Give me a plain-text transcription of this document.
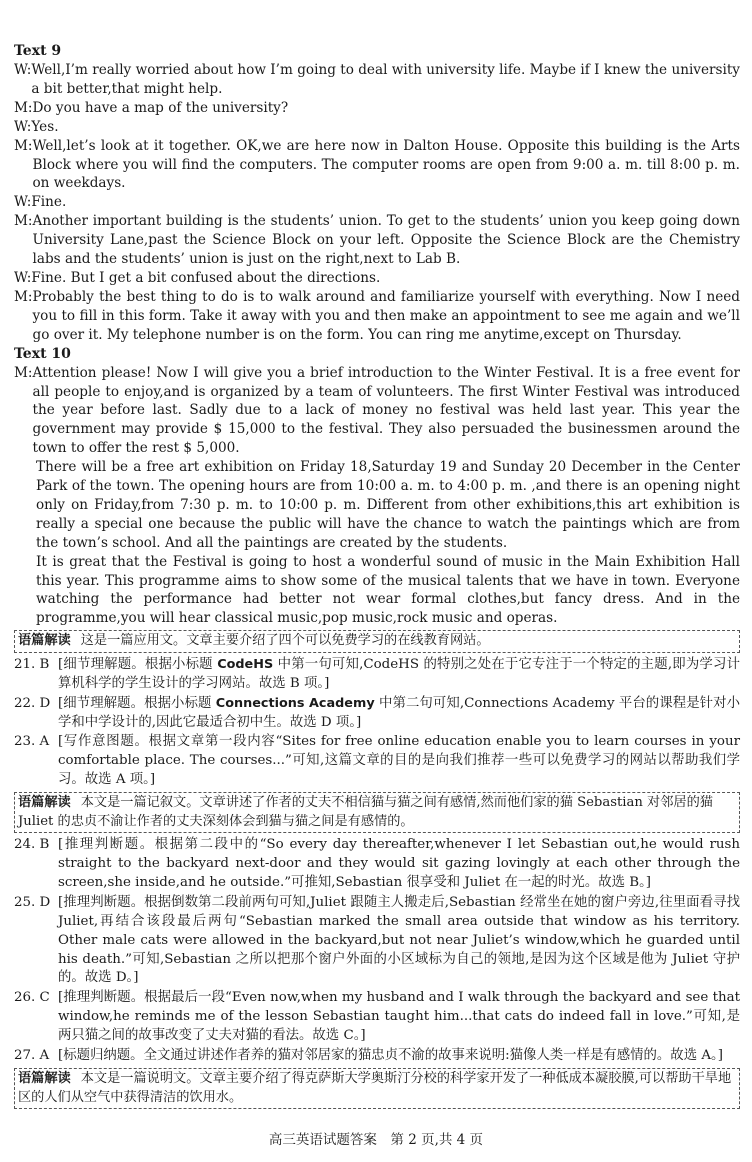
Text 9

W: Well,I’m really worried about how I’m going to deal with university life. Maybe if I knew the university a bit better,that might help.
M: Do you have a map of the university?
W: Yes.
M: Well,let’s look at it together. OK,we are here now in Dalton House. Opposite this building is the Arts Block where you will find the computers. The computer rooms are open from 9:00 a. m. till 8:00 p. m. on weekdays.
W: Fine.
M: Another important building is the students’ union. To get to the students’ union you keep going down University Lane,past the Science Block on your left. Opposite the Science Block are the Chemistry labs and the students’ union is just on the right,next to Lab B.
W: Fine. But I get a bit confused about the directions.
M: Probably the best thing to do is to walk around and familiarize yourself with everything. Now I need you to fill in this form. Take it away with you and then make an appointment to see me again and we’ll go over it. My telephone number is on the form. You can ring me anytime,except on Thursday.

Text 10

M: Attention please! Now I will give you a brief introduction to the Winter Festival. It is a free event for all people to enjoy,and is organized by a team of volunteers. The first Winter Festival was introduced the year before last. Sadly due to a lack of money no festival was held last year. This year the government may provide $ 15,000 to the festival. They also persuaded the businessmen around the town to offer the rest $ 5,000.

There will be a free art exhibition on Friday 18,Saturday 19 and Sunday 20 December in the Center Park of the town. The opening hours are from 10:00 a. m. to 4:00 p. m. ,and there is an opening night only on Friday,from 7:30 p. m. to 10:00 p. m. Different from other exhibitions,this art exhibition is really a special one because the public will have the chance to watch the paintings which are from the town’s school. And all the paintings are created by the students.

It is great that the Festival is going to host a wonderful sound of music in the Main Exhibition Hall this year. This programme aims to show some of the musical talents that we have in town. Everyone watching the performance had better not wear formal clothes,but fancy dress. And in the programme,you will hear classical music,pop music,rock music and operas.

语篇解读 这是一篇应用文。文章主要介绍了四个可以免费学习的在线教育网站。
21. B [细节理解题。根据小标题 CodeHS 中第一句可知,CodeHS 的特别之处在于它专注于一个特定的主题,即为学习计算机科学的学生设计的学习网站。故选 B 项。]
22. D [细节理解题。根据小标题 Connections Academy 中第二句可知,Connections Academy 平台的课程是针对小学和中学设计的,因此它最适合初中生。故选 D 项。]
23. A [写作意图题。根据文章第一段内容“Sites for free online education enable you to learn courses in your comfortable place. The courses...”可知,这篇文章的目的是向我们推荐一些可以免费学习的网站以帮助我们学习。故选 A 项。]
语篇解读 本文是一篇记叙文。文章讲述了作者的丈夫不相信猫与猫之间有感情,然而他们家的猫 Sebastian 对邻居的猫 Juliet 的忠贞不渝让作者的丈夫深刻体会到猫与猫之间是有感情的。
24. B [推理判断题。根据第二段中的“So every day thereafter,whenever I let Sebastian out,he would rush straight to the backyard next-door and they would sit gazing lovingly at each other through the screen,she inside,and he outside.”可推知,Sebastian 很享受和 Juliet 在一起的时光。故选 B。]
25. D [推理判断题。根据倒数第二段前两句可知,Juliet 跟随主人搬走后,Sebastian 经常坐在她的窗户旁边,往里面看寻找 Juliet,再结合该段最后两句“Sebastian marked the small area outside that window as his territory. Other male cats were allowed in the backyard,but not near Juliet’s window,which he guarded until his death.”可知,Sebastian 之所以把那个窗户外面的小区域标为自己的领地,是因为这个区域是他为 Juliet 守护的。故选 D。]
26. C [推理判断题。根据最后一段“Even now,when my husband and I walk through the backyard and see that window,he reminds me of the lesson Sebastian taught him...that cats do indeed fall in love.”可知,是两只猫之间的故事改变了丈夫对猫的看法。故选 C。]
27. A [标题归纳题。全文通过讲述作者养的猫对邻居家的猫忠贞不渝的故事来说明:猫像人类一样是有感情的。故选 A。]
语篇解读 本文是一篇说明文。文章主要介绍了得克萨斯大学奥斯汀分校的科学家开发了一种低成本凝胶膜,可以帮助干旱地区的人们从空气中获得清洁的饮用水。
高三英语试题答案　第 2 页,共 4 页
